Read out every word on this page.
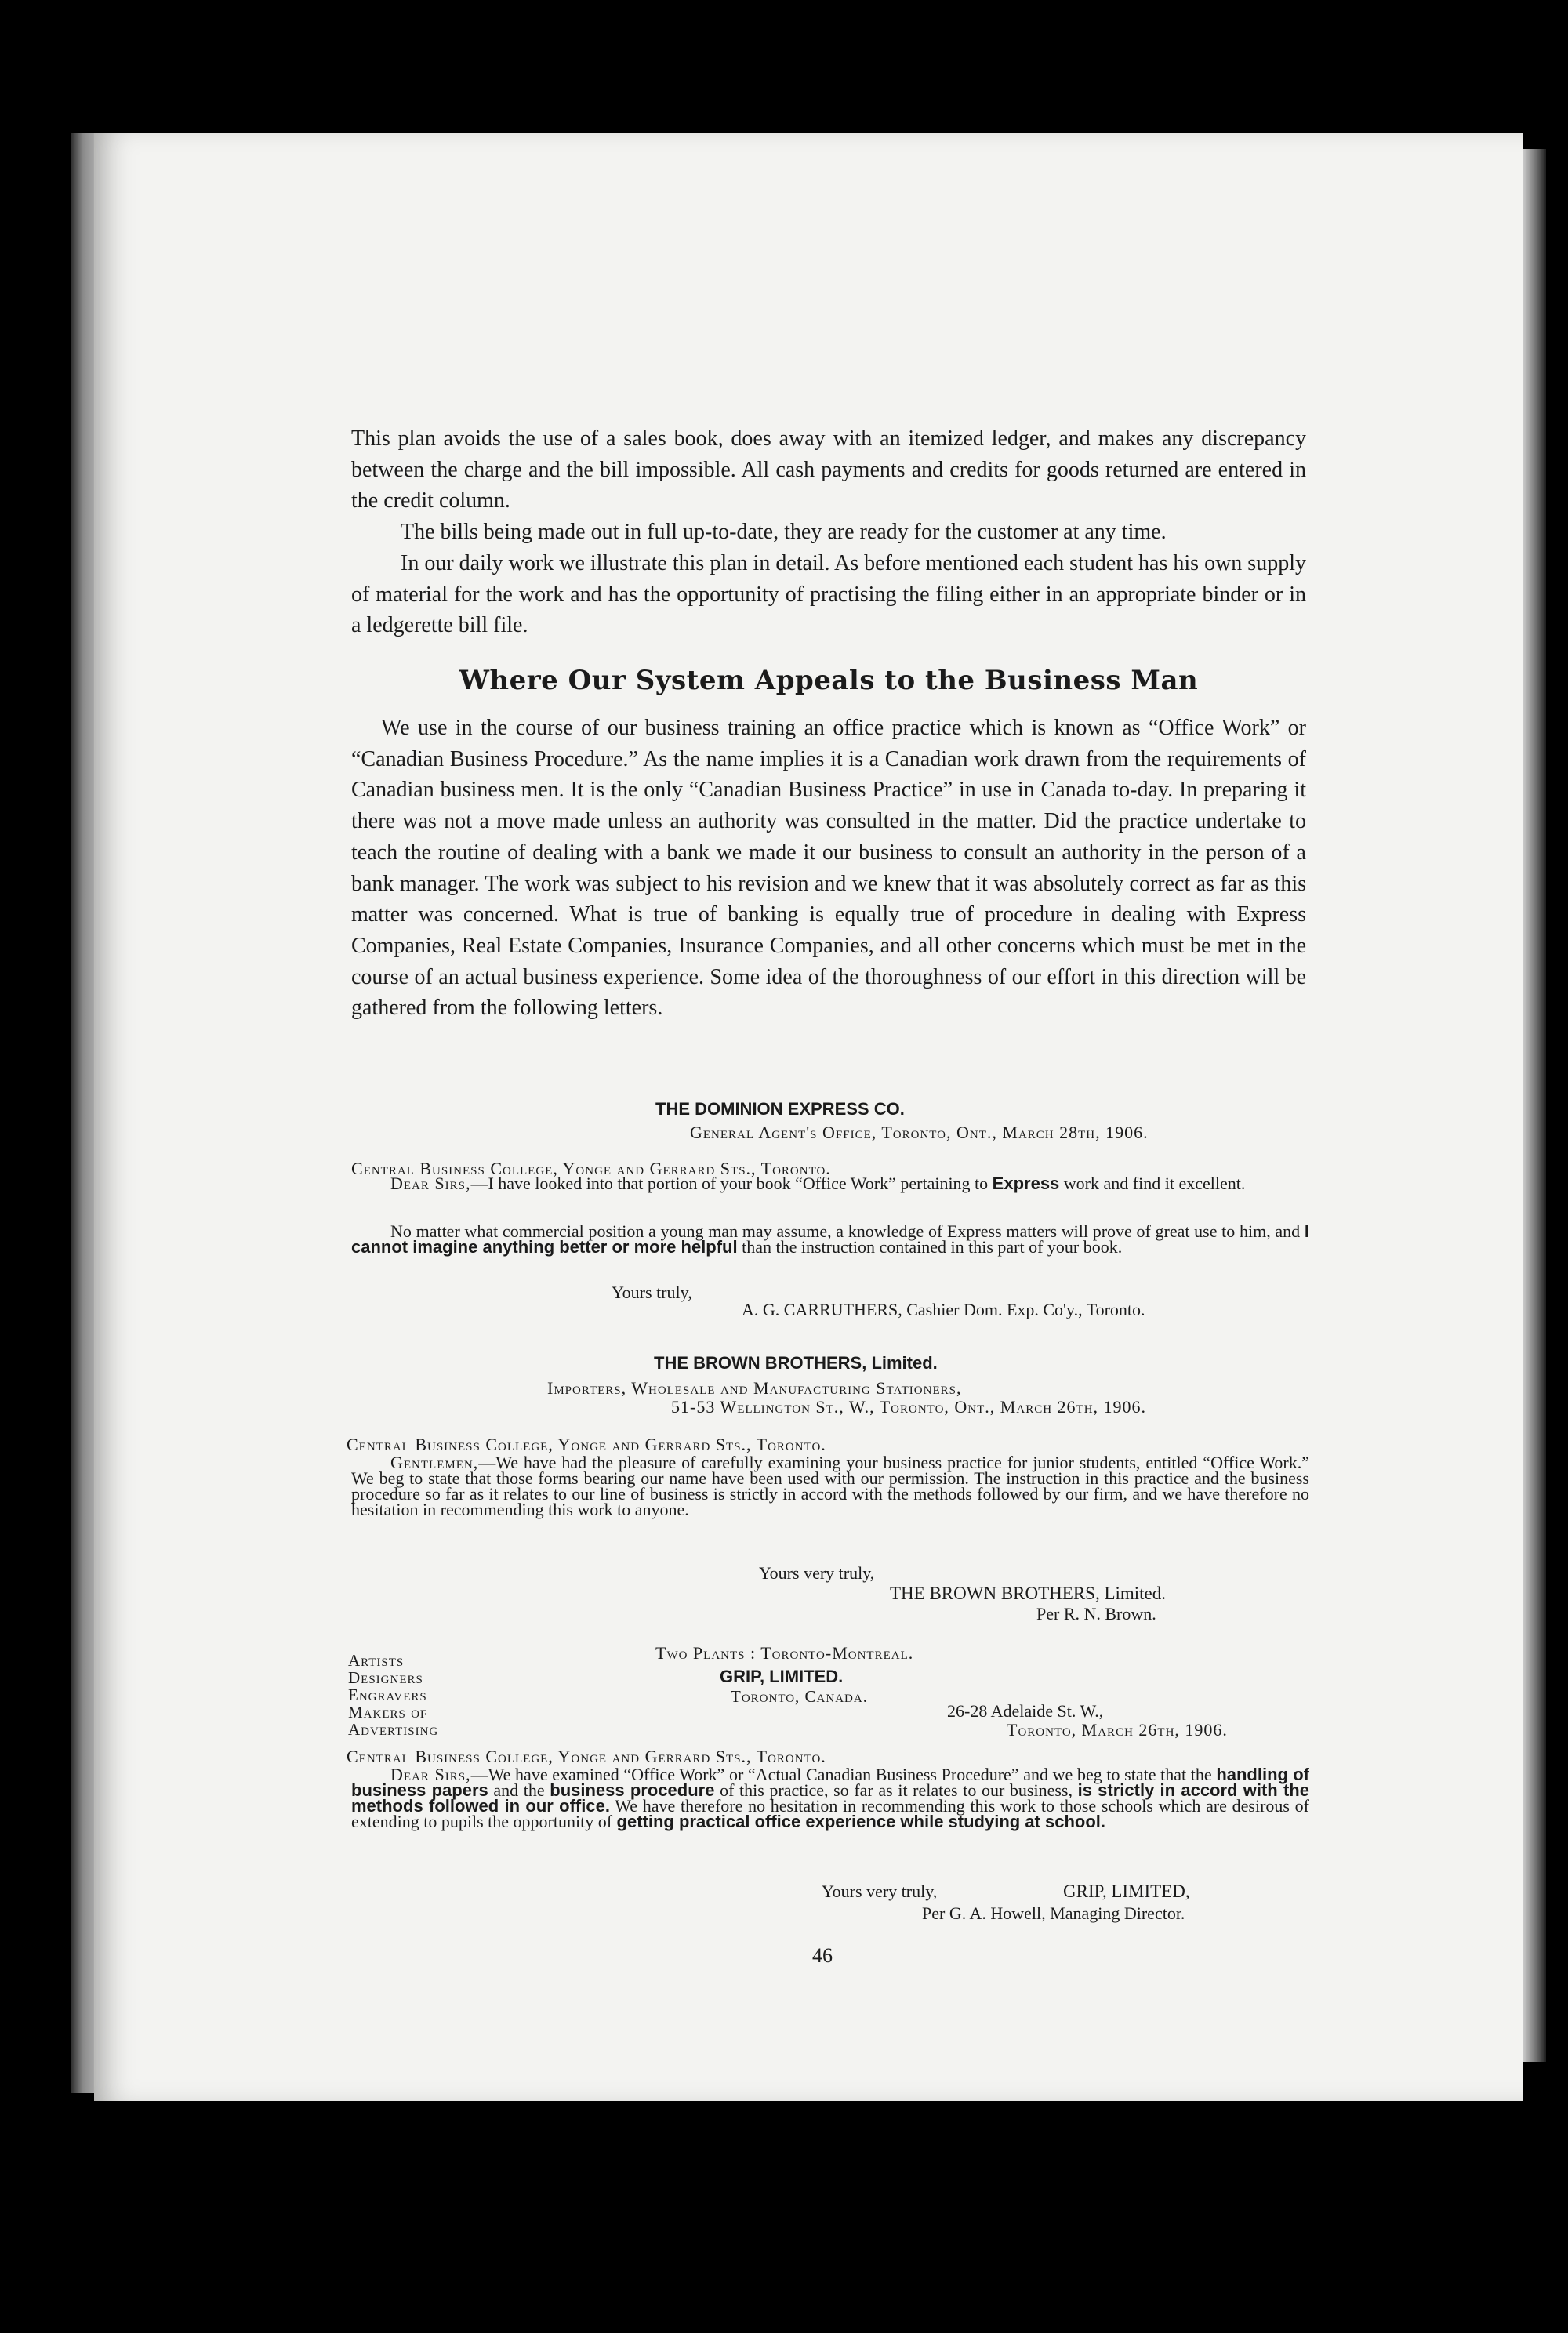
This plan avoids the use of a sales book, does away with an itemized ledger, and makes any discrepancy between the charge and the bill impossible. All cash payments and credits for goods returned are entered in the credit column.

The bills being made out in full up-to-date, they are ready for the customer at any time.

In our daily work we illustrate this plan in detail. As before mentioned each student has his own supply of material for the work and has the opportunity of practising the filing either in an appropriate binder or in a ledgerette bill file.

Where Our System Appeals to the Business Man

We use in the course of our business training an office practice which is known as “Office Work” or “Canadian Business Procedure.” As the name implies it is a Canadian work drawn from the requirements of Canadian business men. It is the only “Canadian Business Practice” in use in Canada to-day. In preparing it there was not a move made unless an authority was consulted in the matter. Did the practice undertake to teach the routine of dealing with a bank we made it our business to consult an authority in the person of a bank manager. The work was subject to his revision and we knew that it was absolutely correct as far as this matter was concerned. What is true of banking is equally true of procedure in dealing with Express Companies, Real Estate Companies, Insurance Companies, and all other concerns which must be met in the course of an actual business experience. Some idea of the thoroughness of our effort in this direction will be gathered from the following letters.

THE DOMINION EXPRESS CO.

General Agent's Office, Toronto, Ont., March 28th, 1906.

Central Business College, Yonge and Gerrard Sts., Toronto.

Dear Sirs,—I have looked into that portion of your book “Office Work” pertaining to Express work and find it excellent.

No matter what commercial position a young man may assume, a knowledge of Express matters will prove of great use to him, and I cannot imagine anything better or more helpful than the instruction contained in this part of your book.

Yours truly,

A. G. CARRUTHERS, Cashier Dom. Exp. Co'y., Toronto.

THE BROWN BROTHERS, Limited.

Importers, Wholesale and Manufacturing Stationers,

51-53 Wellington St., W., Toronto, Ont., March 26th, 1906.

Central Business College, Yonge and Gerrard Sts., Toronto.

Gentlemen,—We have had the pleasure of carefully examining your business practice for junior students, entitled “Office Work.” We beg to state that those forms bearing our name have been used with our permission. The instruction in this practice and the business procedure so far as it relates to our line of business is strictly in accord with the methods followed by our firm, and we have therefore no hesitation in recommending this work to anyone.

Yours very truly,

THE BROWN BROTHERS, Limited.

Per R. N. Brown.

Artists

Designers

Engravers

Makers of

Advertising

Two Plants : Toronto-Montreal.

GRIP, LIMITED.

Toronto, Canada.

26-28 Adelaide St. W.,

Toronto, March 26th, 1906.

Central Business College, Yonge and Gerrard Sts., Toronto.

Dear Sirs,—We have examined “Office Work” or “Actual Canadian Business Procedure” and we beg to state that the handling of business papers and the business procedure of this practice, so far as it relates to our business, is strictly in accord with the methods followed in our office. We have therefore no hesitation in recommending this work to those schools which are desirous of extending to pupils the opportunity of getting practical office experience while studying at school.

Yours very truly,	GRIP, LIMITED,

Per G. A. Howell, Managing Director.

46
